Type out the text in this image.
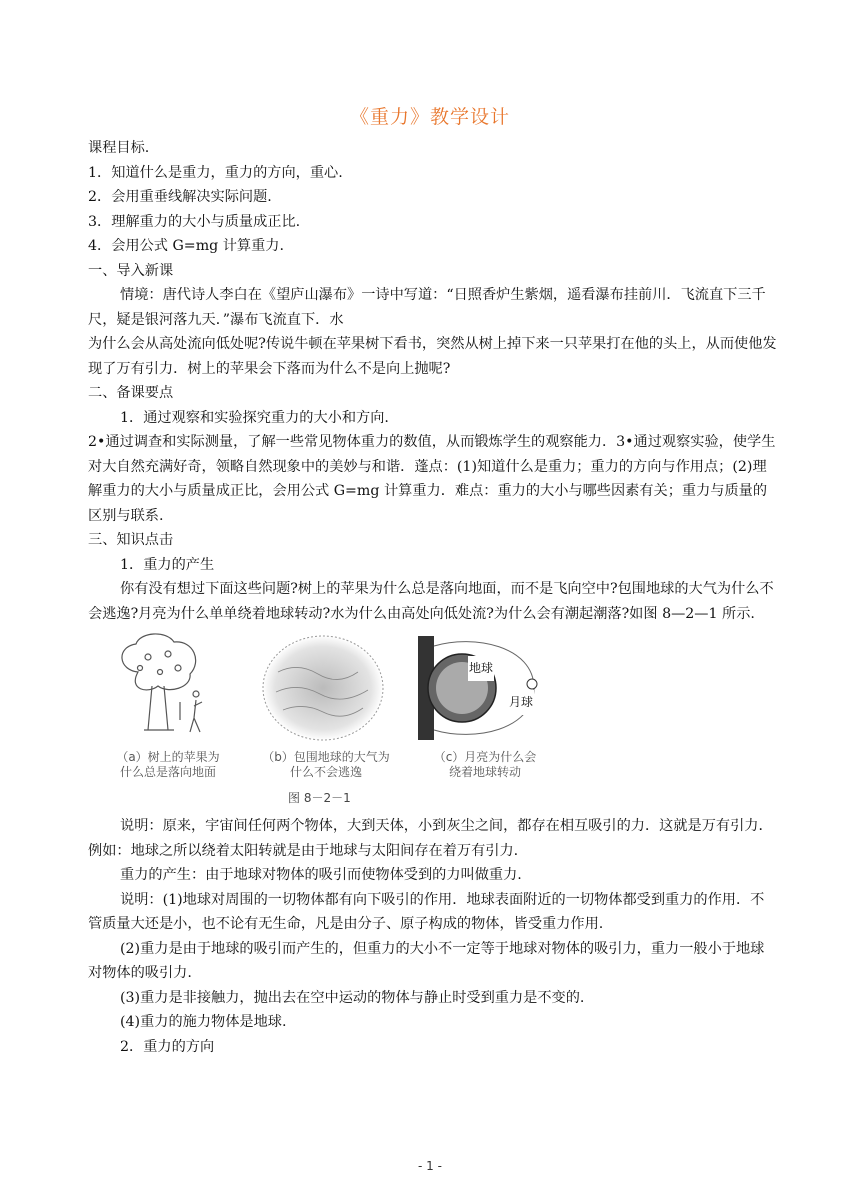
《重力》教学设计

课程目标.

1．知道什么是重力，重力的方向，重心.

2．会用重垂线解决实际问题.

3．理解重力的大小与质量成正比.

4．会用公式 G=mg 计算重力.

一、导入新课

情境：唐代诗人李白在《望庐山瀑布》一诗中写道：“日照香炉生紫烟，遥看瀑布挂前川．飞流直下三千尺，疑是银河落九天．”瀑布飞流直下．水

为什么会从高处流向低处呢?传说牛顿在苹果树下看书，突然从树上掉下来一只苹果打在他的头上，从而使他发现了万有引力．树上的苹果会下落而为什么不是向上抛呢?

二、备课要点

1．通过观察和实验探究重力的大小和方向.

2•通过调查和实际测量，了解一些常见物体重力的数值，从而锻炼学生的观察能力．3•通过观察实验，使学生对大自然充满好奇，领略自然现象中的美妙与和谐．蓬点：(1)知道什么是重力；重力的方向与作用点；(2)理解重力的大小与质量成正比，会用公式 G=mg 计算重力．难点：重力的大小与哪些因素有关；重力与质量的区别与联系.

三、知识点击

1．重力的产生

你有没有想过下面这些问题?树上的苹果为什么总是落向地面，而不是飞向空中?包围地球的大气为什么不会逃逸?月亮为什么单单绕着地球转动?水为什么由高处向低处流?为什么会有潮起潮落?如图 8—2—1 所示.

（a）树上的苹果为
什么总是落向地面
（b）包围地球的大气为
什么不会逃逸
地球
月球
（c）月亮为什么会
绕着地球转动
图 8－2－1

说明：原来，宇宙间任何两个物体，大到天体，小到灰尘之间，都存在相互吸引的力．这就是万有引力．例如：地球之所以绕着太阳转就是由于地球与太阳间存在着万有引力.

重力的产生：由于地球对物体的吸引而使物体受到的力叫做重力.

说明：(1)地球对周围的一切物体都有向下吸引的作用．地球表面附近的一切物体都受到重力的作用．不管质量大还是小，也不论有无生命，凡是由分子、原子构成的物体，皆受重力作用.

(2)重力是由于地球的吸引而产生的，但重力的大小不一定等于地球对物体的吸引力，重力一般小于地球对物体的吸引力.

(3)重力是非接触力，抛出去在空中运动的物体与静止时受到重力是不变的.

(4)重力的施力物体是地球.

2．重力的方向

- 1 -
